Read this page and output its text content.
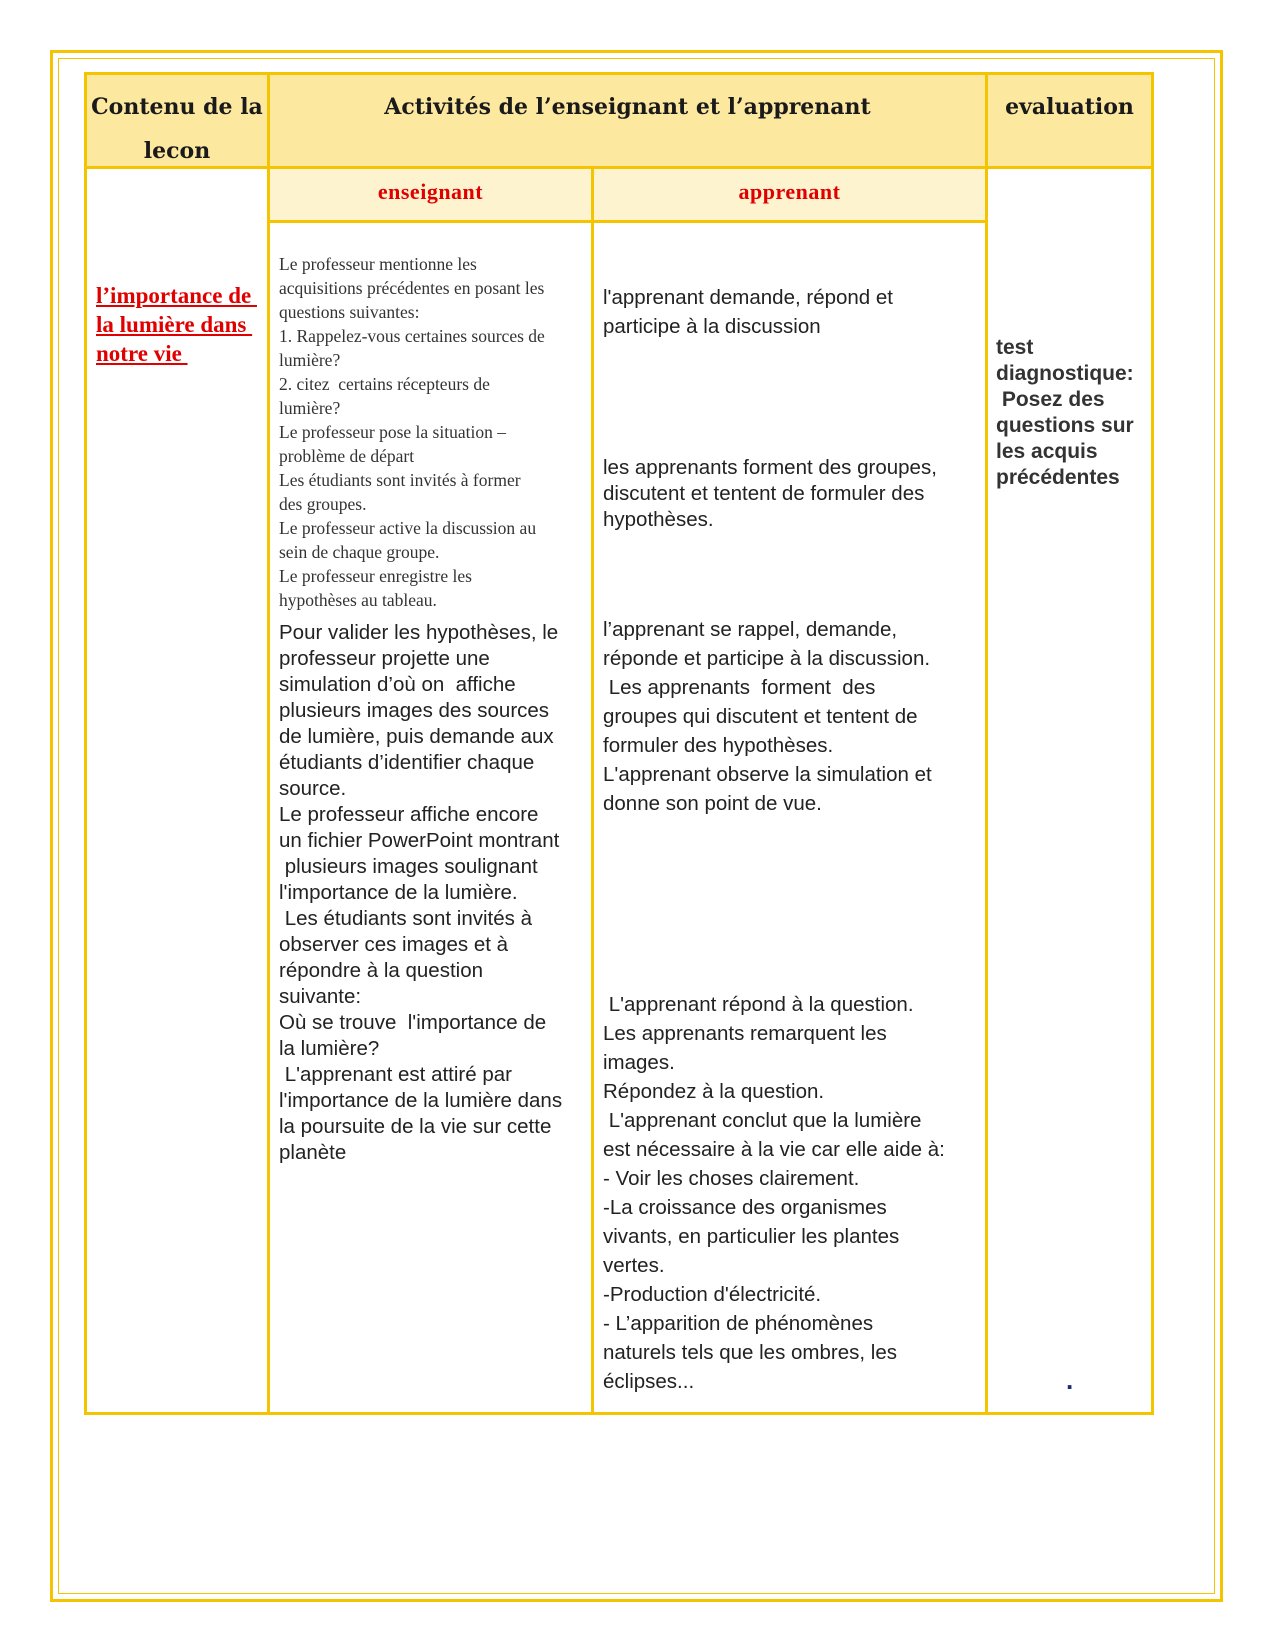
Contenu de la
lecon
Activités de l’enseignant et l’apprenant	evaluation
l’importance de
la lumière dans
notre vie
enseignant	apprenant
Le professeur mentionne les
acquisitions précédentes en posant les
questions suivantes:
1. Rappelez-vous certaines sources de
lumière?
2. citez  certains récepteurs de
lumière?
Le professeur pose la situation –
problème de départ
Les étudiants sont invités à former
des groupes.
Le professeur active la discussion au
sein de chaque groupe.
Le professeur enregistre les
hypothèses au tableau.
Pour valider les hypothèses, le
professeur projette une
simulation d’où on  affiche
plusieurs images des sources
de lumière, puis demande aux
étudiants d’identifier chaque
source.
Le professeur affiche encore
un fichier PowerPoint montrant
plusieurs images soulignant
l'importance de la lumière.
Les étudiants sont invités à
observer ces images et à
répondre à la question
suivante:
Où se trouve  l'importance de
la lumière?
L'apprenant est attiré par
l'importance de la lumière dans
la poursuite de la vie sur cette
planète
l'apprenant demande, répond et
participe à la discussion
les apprenants forment des groupes,
discutent et tentent de formuler des
hypothèses.
l’apprenant se rappel, demande,
réponde et participe à la discussion.
Les apprenants  forment  des
groupes qui discutent et tentent de
formuler des hypothèses.
L'apprenant observe la simulation et
donne son point de vue.
L'apprenant répond à la question.
Les apprenants remarquent les
images.
Répondez à la question.
L'apprenant conclut que la lumière
est nécessaire à la vie car elle aide à:
- Voir les choses clairement.
-La croissance des organismes
vivants, en particulier les plantes
vertes.
-Production d'électricité.
- L’apparition de phénomènes
naturels tels que les ombres, les
éclipses...
test
diagnostique:
Posez des
questions sur
les acquis
précédentes
.
